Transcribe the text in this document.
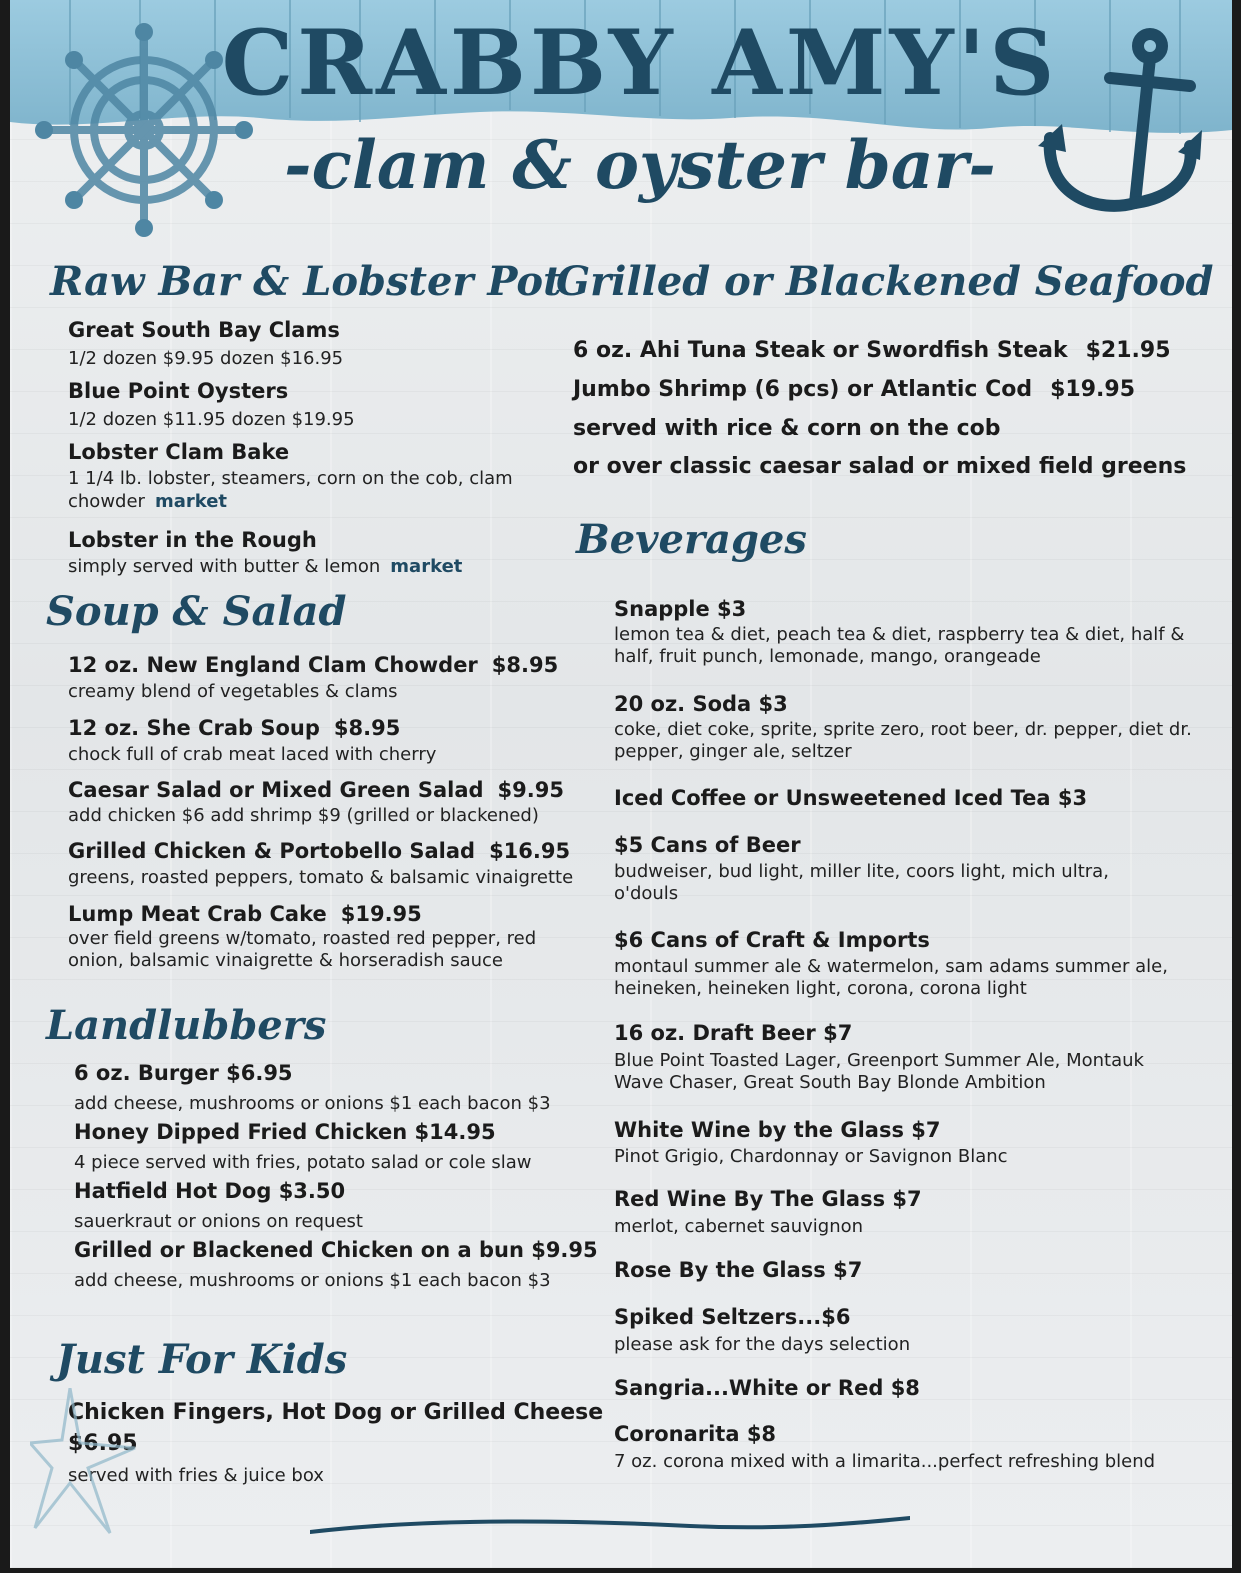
CRABBY AMY'S
-clam & oyster bar-
Raw Bar & Lobster Pot
Great South Bay Clams
1/2 dozen $9.95 dozen $16.95
Blue Point Oysters
1/2 dozen $11.95 dozen $19.95
Lobster Clam Bake
1 1/4 lb. lobster, steamers, corn on the cob, clam chowder market
Lobster in the Rough
simply served with butter & lemon market
Soup & Salad
12 oz. New England Clam Chowder $8.95
creamy blend of vegetables & clams
12 oz. She Crab Soup $8.95
chock full of crab meat laced with cherry
Caesar Salad or Mixed Green Salad $9.95
add chicken $6 add shrimp $9 (grilled or blackened)
Grilled Chicken & Portobello Salad $16.95
greens, roasted peppers, tomato & balsamic vinaigrette
Lump Meat Crab Cake $19.95
over field greens w/tomato, roasted red pepper, red onion, balsamic vinaigrette & horseradish sauce
Landlubbers
6 oz. Burger $6.95
add cheese, mushrooms or onions $1 each bacon $3
Honey Dipped Fried Chicken $14.95
4 piece served with fries, potato salad or cole slaw
Hatfield Hot Dog $3.50
sauerkraut or onions on request
Grilled or Blackened Chicken on a bun $9.95
add cheese, mushrooms or onions $1 each bacon $3
Just For Kids
Chicken Fingers, Hot Dog or Grilled Cheese
$6.95
served with fries & juice box
Grilled or Blackened Seafood
6 oz. Ahi Tuna Steak or Swordfish Steak $21.95
Jumbo Shrimp (6 pcs) or Atlantic Cod $19.95
served with rice & corn on the cob
or over classic caesar salad or mixed field greens
Beverages
Snapple $3
lemon tea & diet, peach tea & diet, raspberry tea & diet, half & half, fruit punch, lemonade, mango, orangeade
20 oz. Soda $3
coke, diet coke, sprite, sprite zero, root beer, dr. pepper, diet dr. pepper, ginger ale, seltzer
Iced Coffee or Unsweetened Iced Tea $3
$5 Cans of Beer
budweiser, bud light, miller lite, coors light, mich ultra, o'douls
$6 Cans of Craft & Imports
montaul summer ale & watermelon, sam adams summer ale, heineken, heineken light, corona, corona light
16 oz. Draft Beer $7
Blue Point Toasted Lager, Greenport Summer Ale, Montauk Wave Chaser, Great South Bay Blonde Ambition
White Wine by the Glass $7
Pinot Grigio, Chardonnay or Savignon Blanc
Red Wine By The Glass $7
merlot, cabernet sauvignon
Rose By the Glass $7
Spiked Seltzers...$6
please ask for the days selection
Sangria...White or Red $8
Coronarita $8
7 oz. corona mixed with a limarita...perfect refreshing blend
